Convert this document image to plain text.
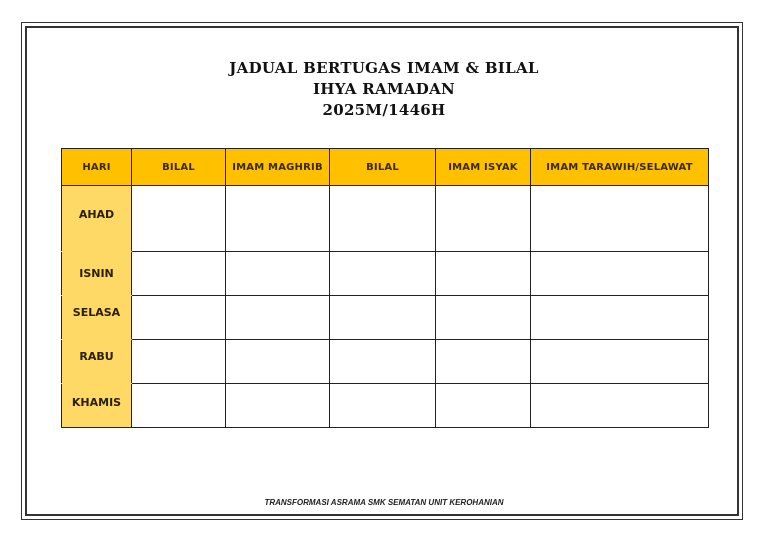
JADUAL BERTUGAS IMAM & BILAL
IHYA RAMADAN
2025M/1446H
HARI	BILAL	IMAM MAGHRIB	BILAL	IMAM ISYAK	IMAM TARAWIH/SELAWAT
AHAD					
ISNIN					
SELASA					
RABU					
KHAMIS					
TRANSFORMASI ASRAMA SMK SEMATAN UNIT KEROHANIAN
